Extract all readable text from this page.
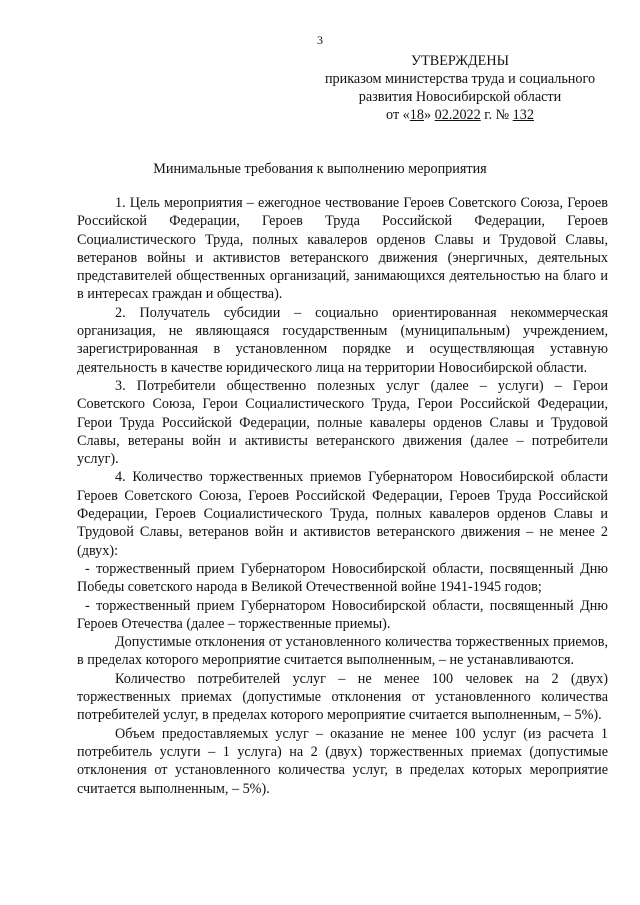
3
УТВЕРЖДЕНЫ
приказом министерства труда и социального
развития Новосибирской области
от «18» 02.2022 г. № 132
Минимальные требования к выполнению мероприятия

1. Цель мероприятия – ежегодное чествование Героев Советского Союза, Героев Российской Федерации, Героев Труда Российской Федерации, Героев Социалистического Труда, полных кавалеров орденов Славы и Трудовой Славы, ветеранов войны и активистов ветеранского движения (энергичных, деятельных представителей общественных организаций, занимающихся деятельностью на благо и в интересах граждан и общества).

2. Получатель субсидии – социально ориентированная некоммерческая организация, не являющаяся государственным (муниципальным) учреждением, зарегистрированная в установленном порядке и осуществляющая уставную деятельность в качестве юридического лица на территории Новосибирской области.

3. Потребители общественно полезных услуг (далее – услуги) – Герои Советского Союза, Герои Социалистического Труда, Герои Российской Федерации, Герои Труда Российской Федерации, полные кавалеры орденов Славы и Трудовой Славы, ветераны войн и активисты ветеранского движения (далее – потребители услуг).

4. Количество торжественных приемов Губернатором Новосибирской области Героев Советского Союза, Героев Российской Федерации, Героев Труда Российской Федерации, Героев Социалистического Труда, полных кавалеров орденов Славы и Трудовой Славы, ветеранов войн и активистов ветеранского движения – не менее 2 (двух):

- торжественный прием Губернатором Новосибирской области, посвященный Дню Победы советского народа в Великой Отечественной войне 1941-1945 годов;

- торжественный прием Губернатором Новосибирской области, посвященный Дню Героев Отечества (далее – торжественные приемы).

Допустимые отклонения от установленного количества торжественных приемов, в пределах которого мероприятие считается выполненным, – не устанавливаются.

Количество потребителей услуг – не менее 100 человек на 2 (двух) торжественных приемах (допустимые отклонения от установленного количества потребителей услуг, в пределах которого мероприятие считается выполненным, – 5%).

Объем предоставляемых услуг – оказание не менее 100 услуг (из расчета 1 потребитель услуги – 1 услуга) на 2 (двух) торжественных приемах (допустимые отклонения от установленного количества услуг, в пределах которых мероприятие считается выполненным, – 5%).
